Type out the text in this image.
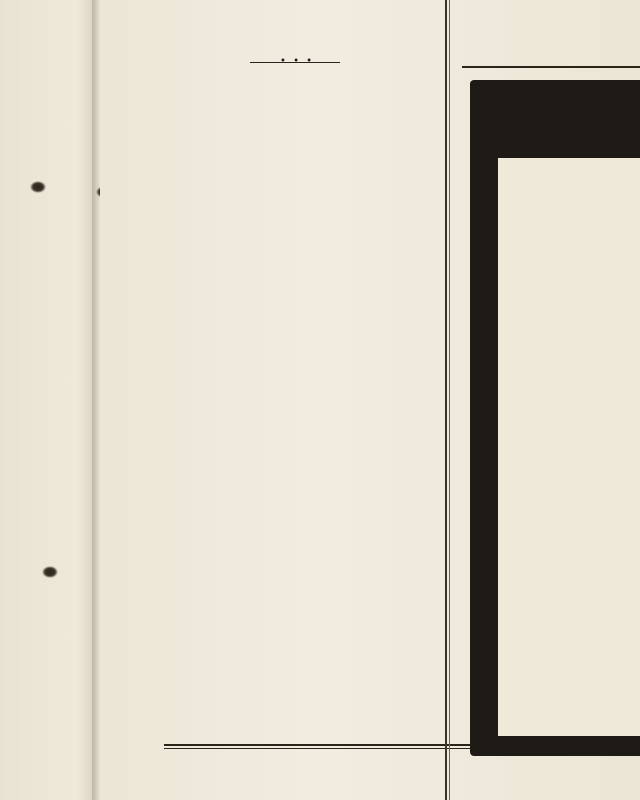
• • •
